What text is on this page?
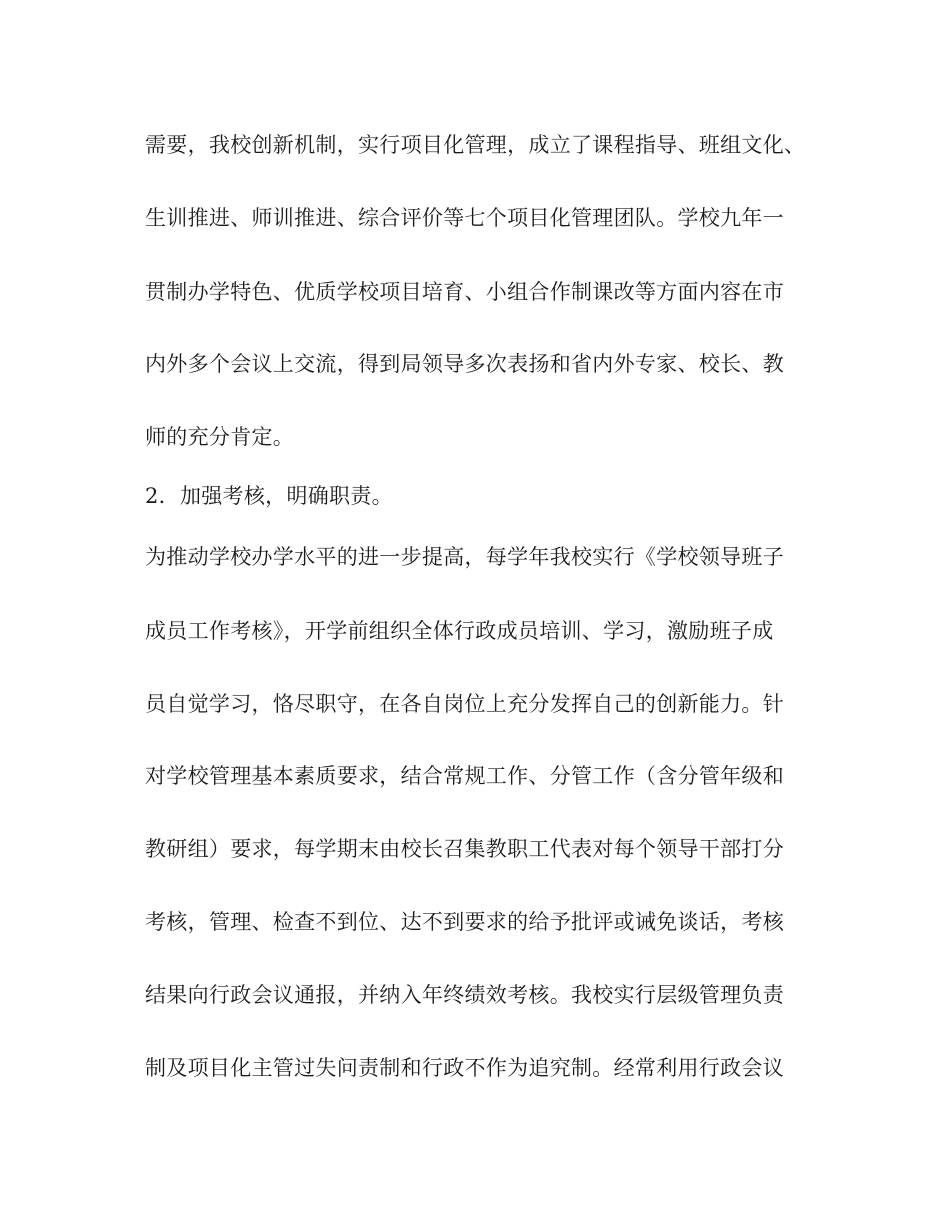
需要，我校创新机制，实行项目化管理，成立了课程指导、班组文化、
生训推进、师训推进、综合评价等七个项目化管理团队。学校九年一
贯制办学特色、优质学校项目培育、小组合作制课改等方面内容在市
内外多个会议上交流，得到局领导多次表扬和省内外专家、校长、教
师的充分肯定。
2．加强考核，明确职责。
为推动学校办学水平的进一步提高，每学年我校实行《学校领导班子
成员工作考核》，开学前组织全体行政成员培训、学习，激励班子成
员自觉学习，恪尽职守，在各自岗位上充分发挥自己的创新能力。针
对学校管理基本素质要求，结合常规工作、分管工作（含分管年级和
教研组）要求，每学期末由校长召集教职工代表对每个领导干部打分
考核，管理、检查不到位、达不到要求的给予批评或诫免谈话，考核
结果向行政会议通报，并纳入年终绩效考核。我校实行层级管理负责
制及项目化主管过失问责制和行政不作为追究制。经常利用行政会议
